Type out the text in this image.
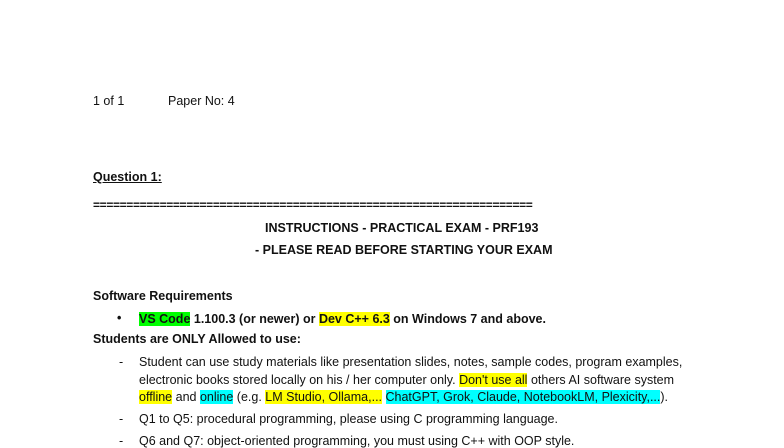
1 of 1	Paper No: 4
Question 1:
==================================================================
INSTRUCTIONS - PRACTICAL EXAM - PRF193
- PLEASE READ BEFORE STARTING YOUR EXAM
Software Requirements
• VS Code 1.100.3 (or newer) or Dev C++ 6.3 on Windows 7 and above.
Students are ONLY Allowed to use:
- Student can use study materials like presentation slides, notes, sample codes, program examples,
electronic books stored locally on his / her computer only. Don't use all others AI software system
offline and online (e.g. LM Studio, Ollama,... ChatGPT, Grok, Claude, NotebookLM, Plexicity,...).
- Q1 to Q5: procedural programming, please using C programming language.
- Q6 and Q7: object-oriented programming, you must using C++ with OOP style.
